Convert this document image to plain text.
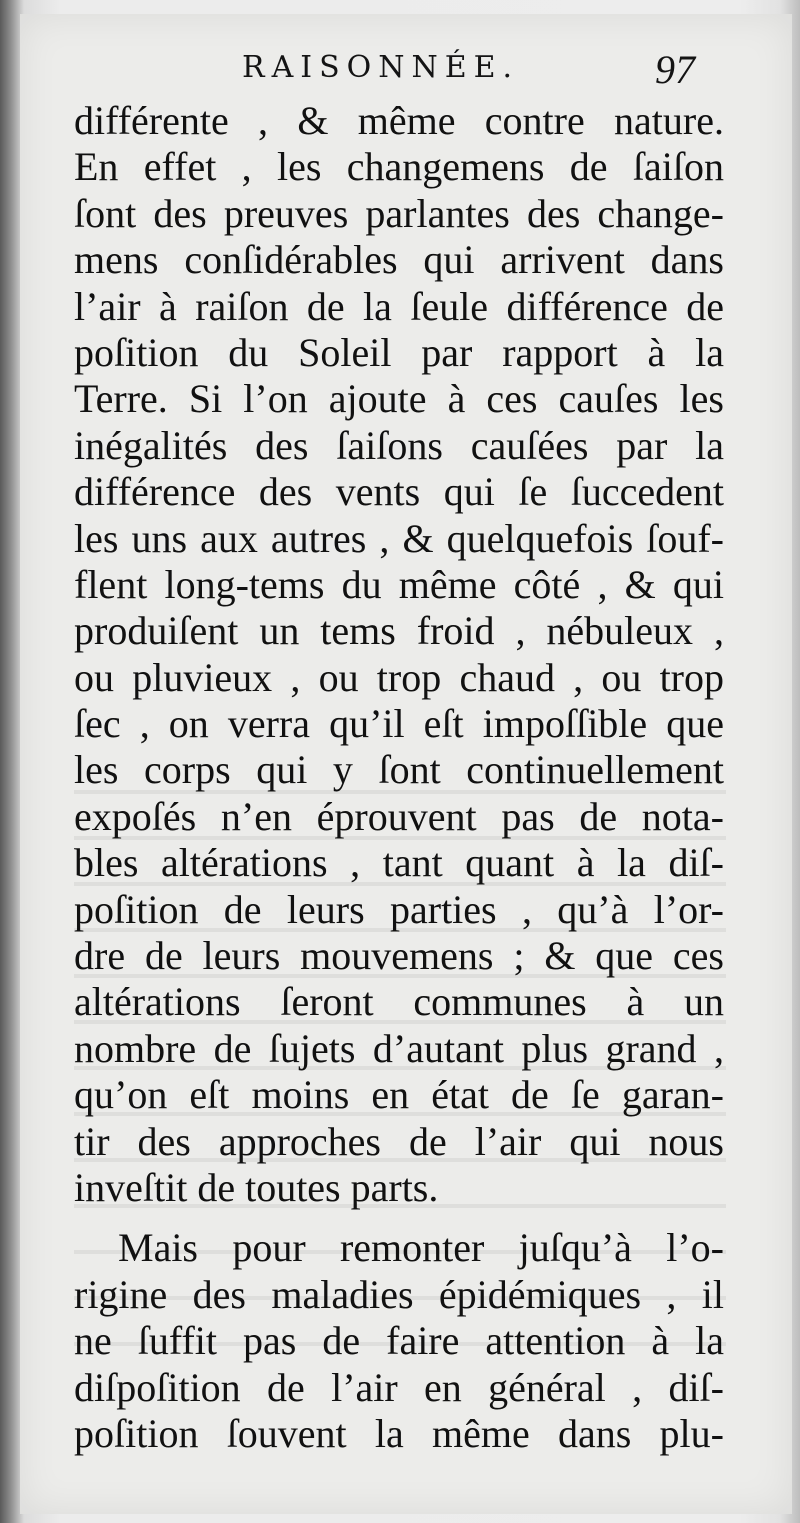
RAISONNÉE.	97
différente , & même contre nature.
En effet , les changemens de ſaiſon
ſont des preuves parlantes des change-
mens conſidérables qui arrivent dans
l’air à raiſon de la ſeule différence de
poſition du Soleil par rapport à la
Terre. Si l’on ajoute à ces cauſes les
inégalités des ſaiſons cauſées par la
différence des vents qui ſe ſuccedent
les uns aux autres , & quelquefois ſouf-
flent long-tems du même côté , & qui
produiſent un tems froid , nébuleux ,
ou pluvieux , ou trop chaud , ou trop
ſec , on verra qu’il eſt impoſſible que
les corps qui y ſont continuellement
expoſés n’en éprouvent pas de nota-
bles altérations , tant quant à la diſ-
poſition de leurs parties , qu’à l’or-
dre de leurs mouvemens ; & que ces
altérations ſeront communes à un
nombre de ſujets d’autant plus grand ,
qu’on eſt moins en état de ſe garan-
tir des approches de l’air qui nous
inveſtit de toutes parts.
Mais pour remonter juſqu’à l’o-
rigine des maladies épidémiques , il
ne ſuffit pas de faire attention à la
diſpoſition de l’air en général , diſ-
poſition ſouvent la même dans plu-
